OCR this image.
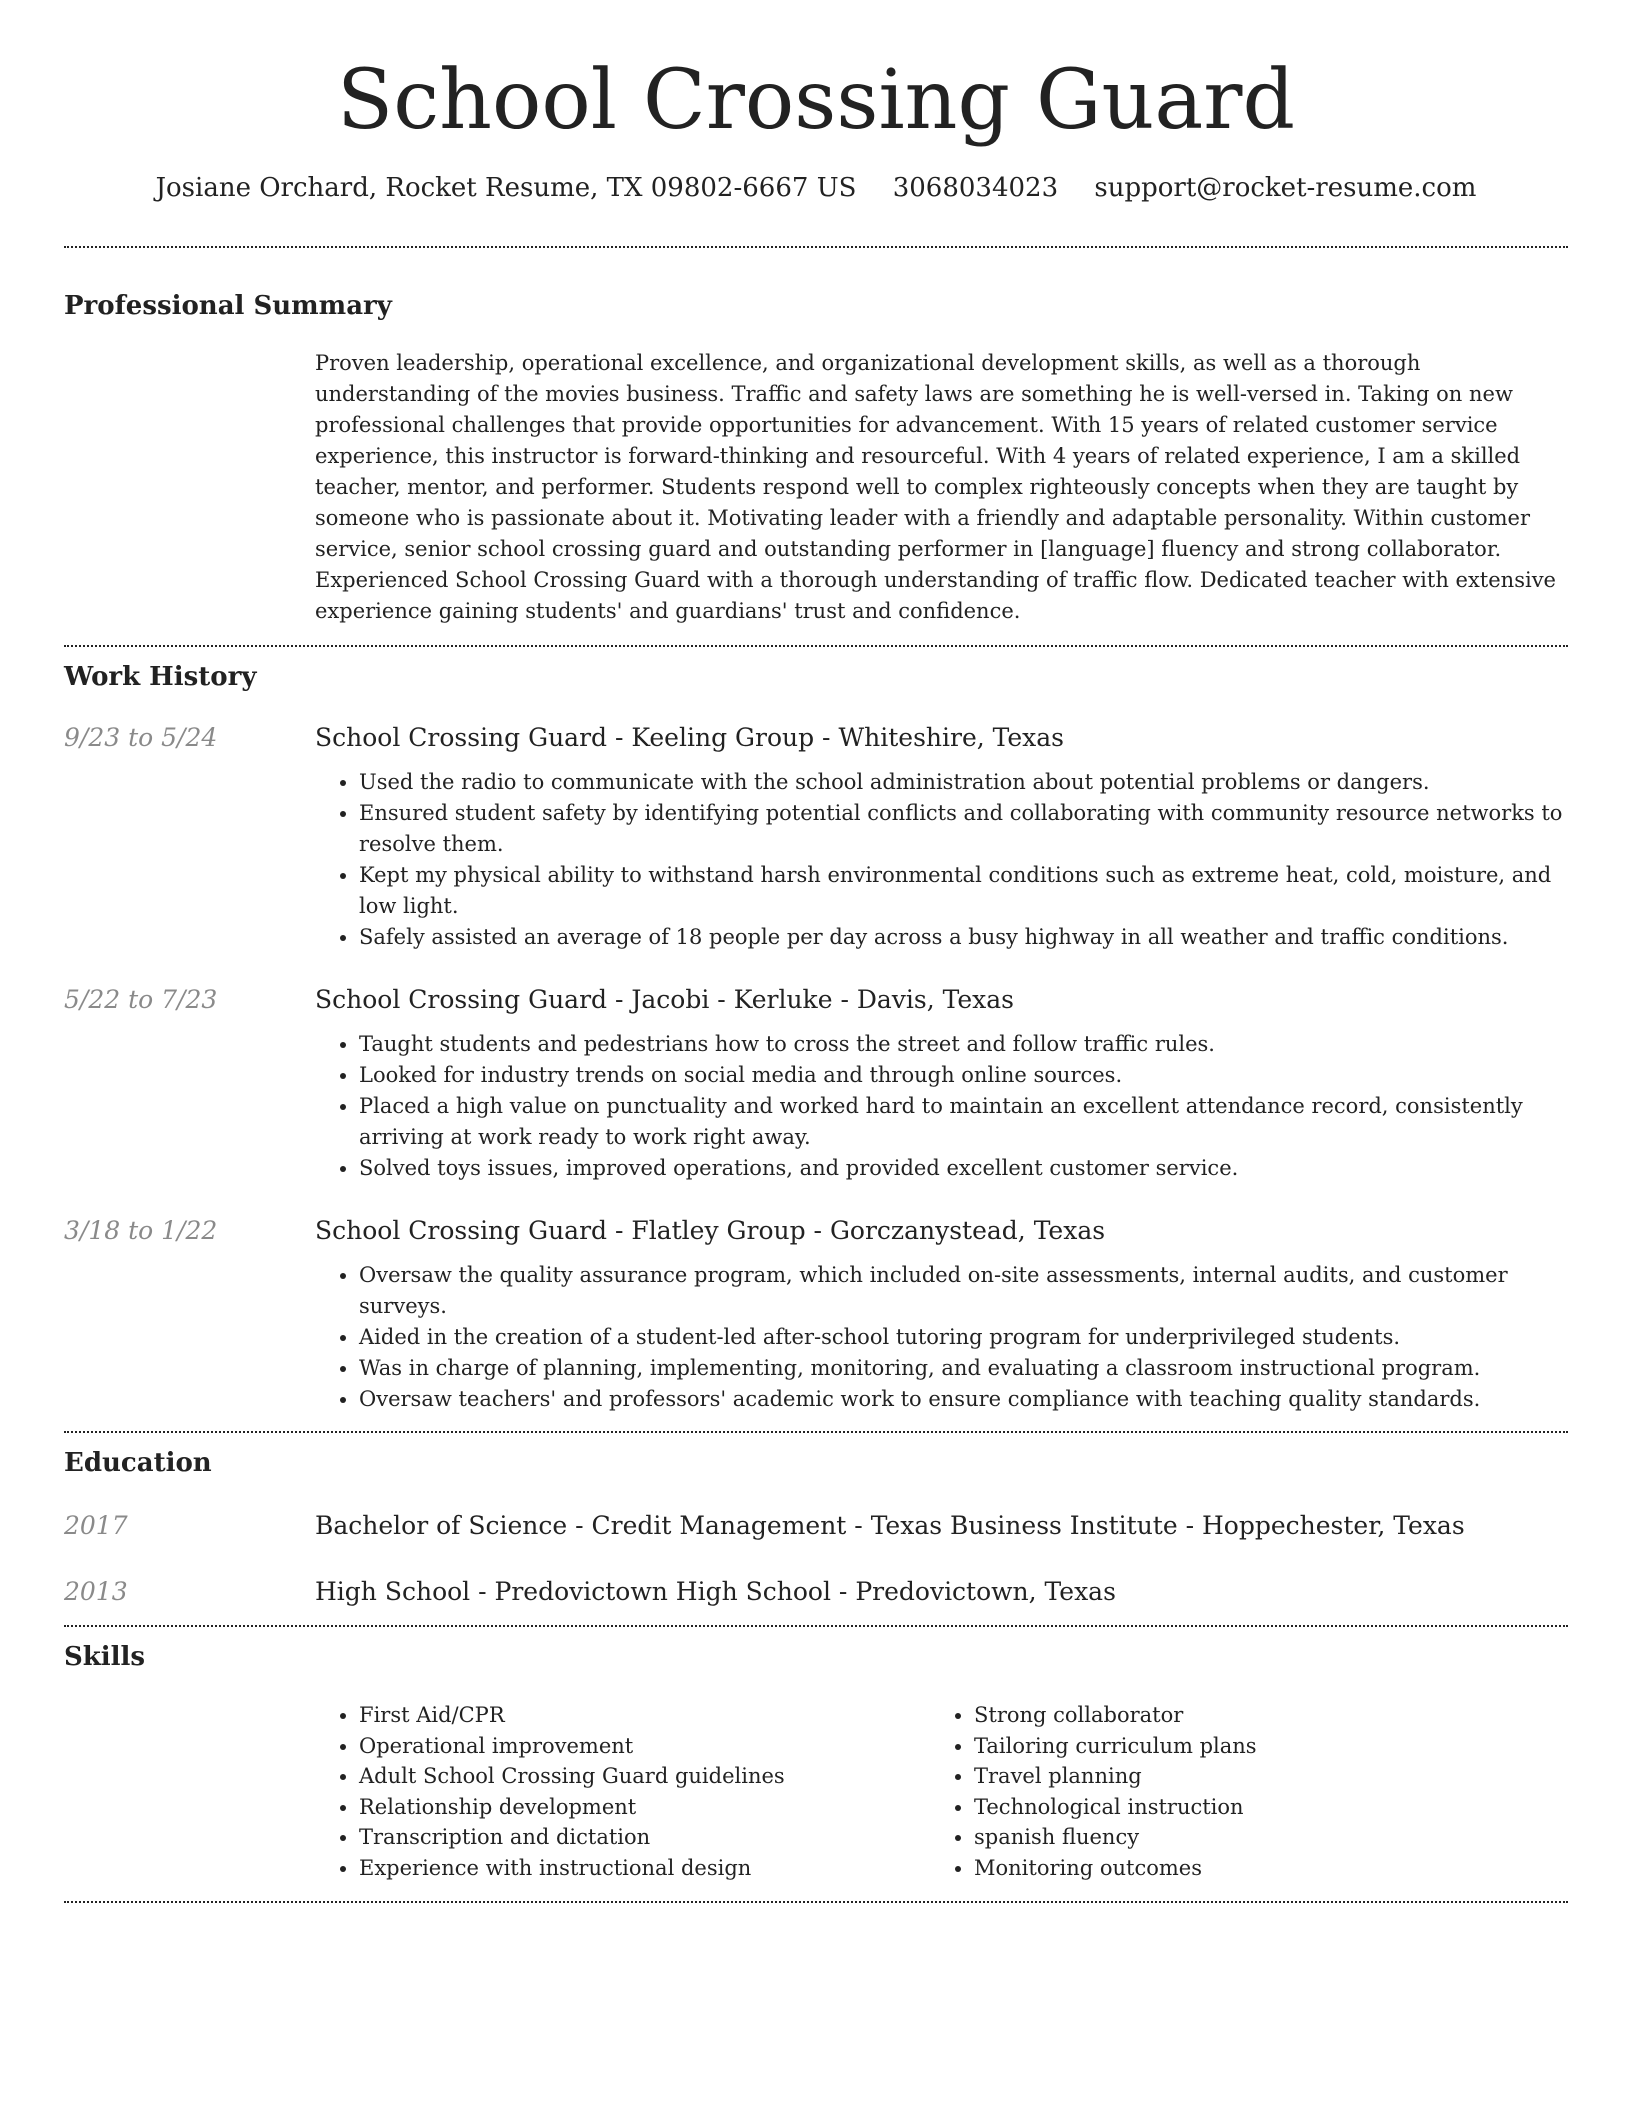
School Crossing Guard
Josiane Orchard, Rocket Resume, TX 09802-6667 US 3068034023 support@rocket-resume.com
Professional Summary

Proven leadership, operational excellence, and organizational development skills, as well as a thorough understanding of the movies business. Traffic and safety laws are something he is well-versed in. Taking on new professional challenges that provide opportunities for advancement. With 15 years of related customer service experience, this instructor is forward-thinking and resourceful. With 4 years of related experience, I am a skilled teacher, mentor, and performer. Students respond well to complex righteously concepts when they are taught by someone who is passionate about it. Motivating leader with a friendly and adaptable personality. Within customer service, senior school crossing guard and outstanding performer in [language] fluency and strong collaborator. Experienced School Crossing Guard with a thorough understanding of traffic flow. Dedicated teacher with extensive experience gaining students' and guardians' trust and confidence.

Work History
9/23 to 5/24	School Crossing Guard - Keeling Group - Whiteshire, Texas
• Used the radio to communicate with the school administration about potential problems or dangers.
• Ensured student safety by identifying potential conflicts and collaborating with community resource networks to resolve them.
• Kept my physical ability to withstand harsh environmental conditions such as extreme heat, cold, moisture, and low light.
• Safely assisted an average of 18 people per day across a busy highway in all weather and traffic conditions.
5/22 to 7/23	School Crossing Guard - Jacobi - Kerluke - Davis, Texas
• Taught students and pedestrians how to cross the street and follow traffic rules.
• Looked for industry trends on social media and through online sources.
• Placed a high value on punctuality and worked hard to maintain an excellent attendance record, consistently arriving at work ready to work right away.
• Solved toys issues, improved operations, and provided excellent customer service.
3/18 to 1/22	School Crossing Guard - Flatley Group - Gorczanystead, Texas
• Oversaw the quality assurance program, which included on-site assessments, internal audits, and customer surveys.
• Aided in the creation of a student-led after-school tutoring program for underprivileged students.
• Was in charge of planning, implementing, monitoring, and evaluating a classroom instructional program.
• Oversaw teachers' and professors' academic work to ensure compliance with teaching quality standards.
Education
2017	Bachelor of Science - Credit Management - Texas Business Institute - Hoppechester, Texas
2013	High School - Predovictown High School - Predovictown, Texas
Skills
• First Aid/CPR
• Operational improvement
• Adult School Crossing Guard guidelines
• Relationship development
• Transcription and dictation
• Experience with instructional design
• Strong collaborator
• Tailoring curriculum plans
• Travel planning
• Technological instruction
• spanish fluency
• Monitoring outcomes
